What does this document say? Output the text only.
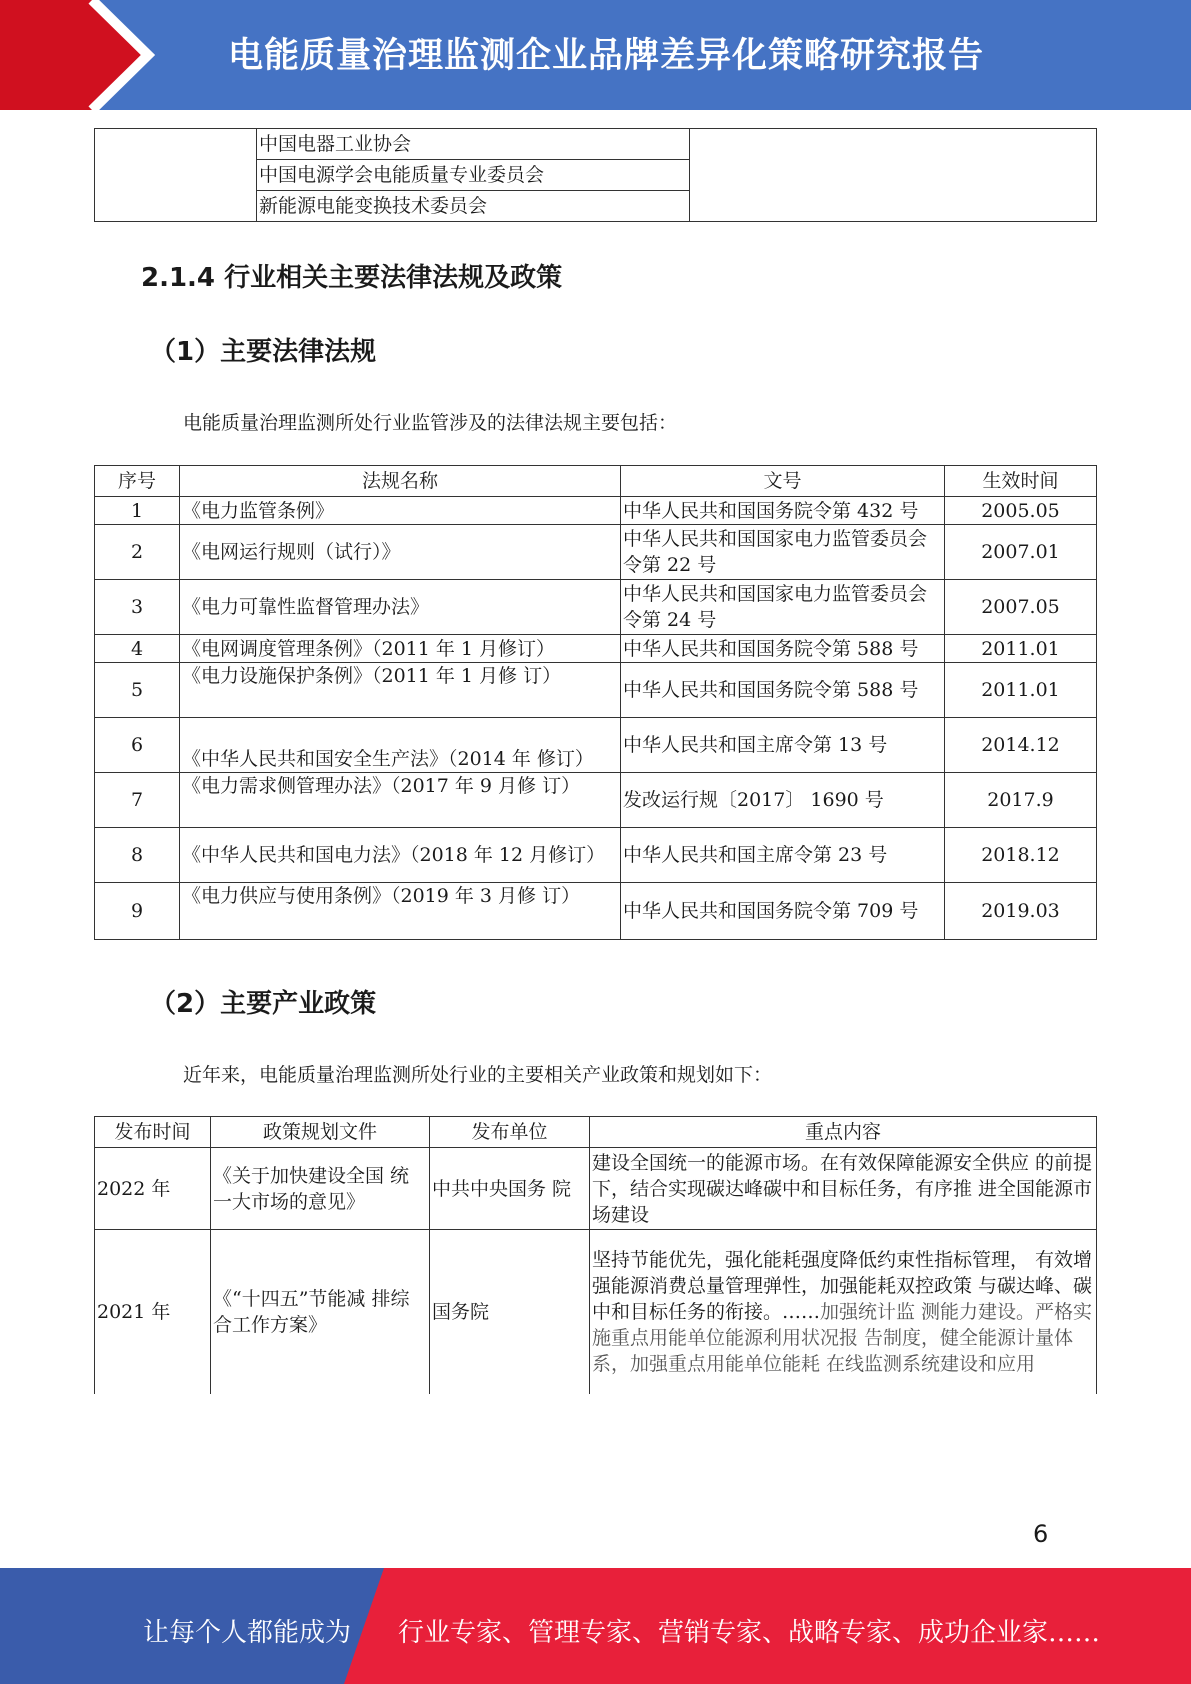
电能质量治理监测企业品牌差异化策略研究报告
	中国电器工业协会	
中国电源学会电能质量专业委员会
新能源电能变换技术委员会
2.1.4 行业相关主要法律法规及政策
（1）主要法律法规
电能质量治理监测所处行业监管涉及的法律法规主要包括：
序号	法规名称	文号	生效时间
1	《电力监管条例》	中华人民共和国国务院令第 432 号	2005.05
2	《电网运行规则（试行）》	中华人民共和国国家电力监管委员会令第 22 号	2007.01
3	《电力可靠性监督管理办法》	中华人民共和国国家电力监管委员会令第 24 号	2007.05
4	《电网调度管理条例》（2011 年 1 月修订）	中华人民共和国国务院令第 588 号	2011.01
5	《电力设施保护条例》（2011 年 1 月修 订）	中华人民共和国国务院令第 588 号	2011.01
6	《中华人民共和国安全生产法》（2014 年 修订）	中华人民共和国主席令第 13 号	2014.12
7	《电力需求侧管理办法》（2017 年 9 月修 订）	发改运行规〔2017〕 1690 号	2017.9
8	《中华人民共和国电力法》（2018 年 12 月修订）	中华人民共和国主席令第 23 号	2018.12
9	《电力供应与使用条例》（2019 年 3 月修 订）	中华人民共和国国务院令第 709 号	2019.03
（2）主要产业政策
近年来，电能质量治理监测所处行业的主要相关产业政策和规划如下：
发布时间	政策规划文件	发布单位	重点内容
2022 年	《关于加快建设全国 统一大市场的意见》	中共中央国务 院	建设全国统一的能源市场。在有效保障能源安全供应 的前提下，结合实现碳达峰碳中和目标任务，有序推 进全国能源市场建设
2021 年	《“十四五”节能减 排综合工作方案》	国务院	坚持节能优先，强化能耗强度降低约束性指标管理， 有效增强能源消费总量管理弹性，加强能耗双控政策 与碳达峰、碳中和目标任务的衔接。……加强统计监 测能力建设。严格实施重点用能单位能源利用状况报 告制度，健全能源计量体系，加强重点用能单位能耗 在线监测系统建设和应用
6
让每个人都能成为 行业专家、管理专家、营销专家、战略专家、成功企业家……
